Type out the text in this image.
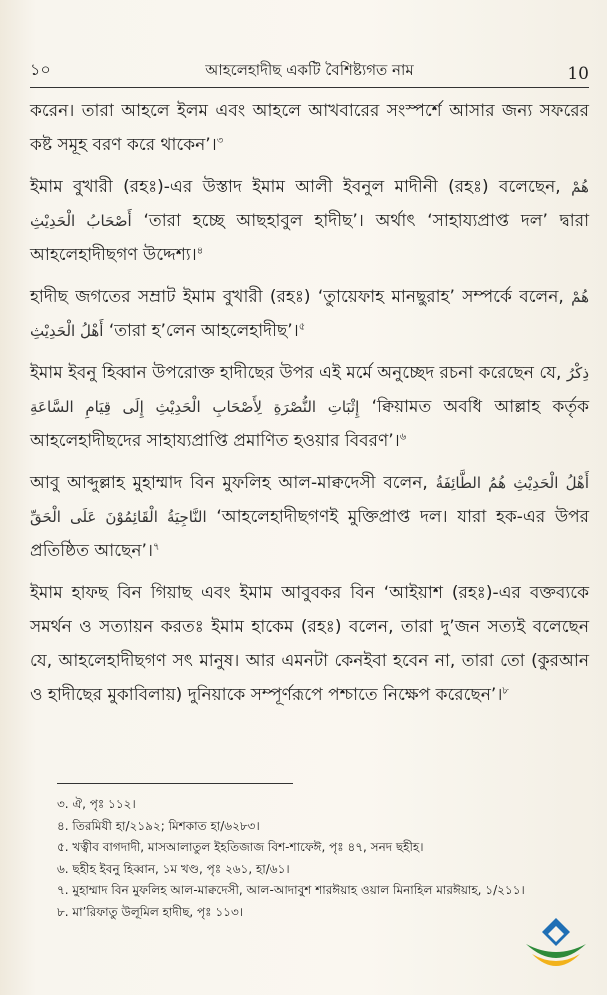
১০	আহলেহাদীছ একটি বৈশিষ্ট্যগত নাম	10

করেন। তারা আহলে ইলম এবং আহলে আখবারের সংস্পর্শে আসার জন্য সফরের কষ্ট সমূহ বরণ করে থাকেন’।$^৩$

ইমাম বুখারী (রহঃ)-এর উস্তাদ ইমাম আলী ইবনুল মাদীনী (রহঃ) বলেছেন, هُمْ أَصْحَابُ الْحَدِيْثِ ‘তারা হচ্ছে আছহাবুল হাদীছ’। অর্থাৎ ‘সাহায্যপ্রাপ্ত দল’ দ্বারা আহলেহাদীছগণ উদ্দেশ্য।$^৪$

হাদীছ জগতের সম্রাট ইমাম বুখারী (রহঃ) ‘তুায়েফাহ মানছুরাহ’ সম্পর্কে বলেন, هُمْ أَهْلُ الْحَدِيْثِ ‘তারা হ’লেন আহলেহাদীছ’।$^৫$

ইমাম ইবনু হিব্বান উপরোক্ত হাদীছের উপর এই মর্মে অনুচ্ছেদ রচনা করেছেন যে, ذِكْرُ إِثْبَاتِ النُّصْرَةِ لِأَصْحَابِ الْحَدِيْثِ إِلَى قِيَامِ السَّاعَةِ ‘ক্বিয়ামত অবধি আল্লাহ কর্তৃক আহলেহাদীছদের সাহায্যপ্রাপ্তি প্রমাণিত হওয়ার বিবরণ’।$^৬$

আবু আব্দুল্লাহ মুহাম্মাদ বিন মুফলিহ আল-মাক্বদেসী বলেন, أَهْلُ الْحَدِيْثِ هُمُ الطَّائِفَةُ النَّاجِيَةُ الْقَائِمُوْنَ عَلَى الْحَقِّ ‘আহলেহাদীছগণই মুক্তিপ্রাপ্ত দল। যারা হক-এর উপর প্রতিষ্ঠিত আছেন’।$^৭$

ইমাম হাফছ বিন গিয়াছ এবং ইমাম আবুবকর বিন ‘আইয়াশ (রহঃ)-এর বক্তব্যকে সমর্থন ও সত্যায়ন করতঃ ইমাম হাকেম (রহঃ) বলেন, তারা দু’জন সত্যই বলেছেন যে, আহলেহাদীছগণ সৎ মানুষ। আর এমনটা কেনইবা হবেন না, তারা তো (কুরআন ও হাদীছের মুকাবিলায়) দুনিয়াকে সম্পূর্ণরূপে পশ্চাতে নিক্ষেপ করেছেন’।$^৮$

৩. ঐ, পৃঃ ১১২।
৪. তিরমিযী হা/২১৯২; মিশকাত হা/৬২৮৩।
৫. খত্বীব বাগদাদী, মাসআলাতুল ইহতিজাজ বিশ-শাফেঈ, পৃঃ ৪৭, সনদ ছহীহ।
৬. ছহীহ ইবনু হিব্বান, ১ম খণ্ড, পৃঃ ২৬১, হা/৬১।
৭. মুহাম্মাদ বিন মুফলিহ আল-মাক্বদেসী, আল-আদাবুশ শারঈয়াহ ওয়াল মিনাহিল মারঈয়াহ, ১/২১১।
৮. মা’রিফাতু উলূমিল হাদীছ, পৃঃ ১১৩।
